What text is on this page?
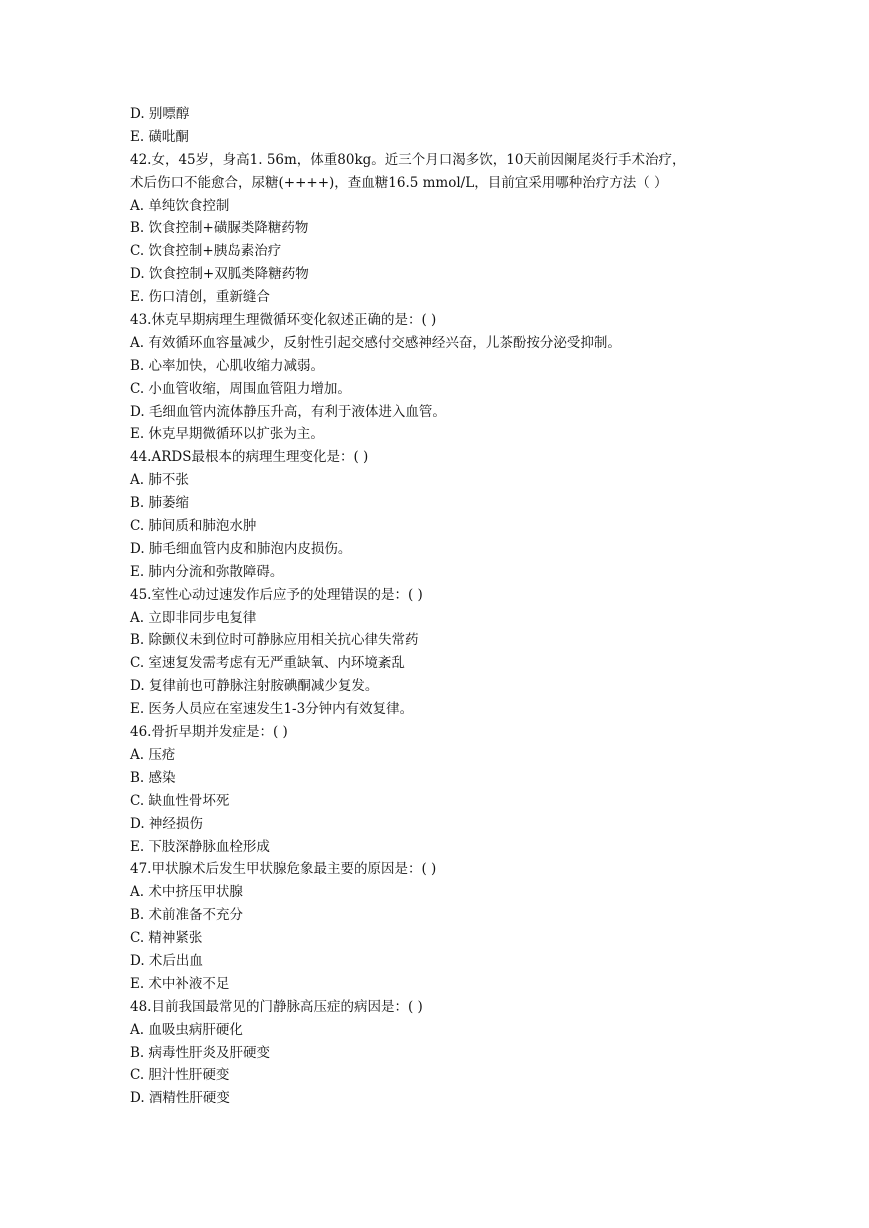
D. 别嘌醇
E. 磺吡酮
42.女，45岁，身高1. 56m，体重80kg。近三个月口渴多饮，10天前因阑尾炎行手术治疗，
术后伤口不能愈合，尿糖(++++)，查血糖16.5 mmol/L，目前宜采用哪种治疗方法（ ）
A. 单纯饮食控制
B. 饮食控制+磺脲类降糖药物
C. 饮食控制+胰岛素治疗
D. 饮食控制+双胍类降糖药物
E. 伤口清创，重新缝合
43.休克早期病理生理微循环变化叙述正确的是：( )
A. 有效循环血容量减少，反射性引起交感付交感神经兴奋，儿茶酚按分泌受抑制。
B. 心率加快，心肌收缩力减弱。
C. 小血管收缩，周围血管阻力增加。
D. 毛细血管内流体静压升高，有利于液体进入血管。
E. 休克早期微循环以扩张为主。
44.ARDS最根本的病理生理变化是：( )
A. 肺不张
B. 肺萎缩
C. 肺间质和肺泡水肿
D. 肺毛细血管内皮和肺泡内皮损伤。
E. 肺内分流和弥散障碍。
45.室性心动过速发作后应予的处理错误的是：( )
A. 立即非同步电复律
B. 除颤仪未到位时可静脉应用相关抗心律失常药
C. 室速复发需考虑有无严重缺氧、内环境紊乱
D. 复律前也可静脉注射胺碘酮减少复发。
E. 医务人员应在室速发生1-3分钟内有效复律。
46.骨折早期并发症是：( )
A. 压疮
B. 感染
C. 缺血性骨坏死
D. 神经损伤
E. 下肢深静脉血栓形成
47.甲状腺术后发生甲状腺危象最主要的原因是：( )
A. 术中挤压甲状腺
B. 术前准备不充分
C. 精神紧张
D. 术后出血
E. 术中补液不足
48.目前我国最常见的门静脉高压症的病因是：( )
A. 血吸虫病肝硬化
B. 病毒性肝炎及肝硬变
C. 胆汁性肝硬变
D. 酒精性肝硬变
